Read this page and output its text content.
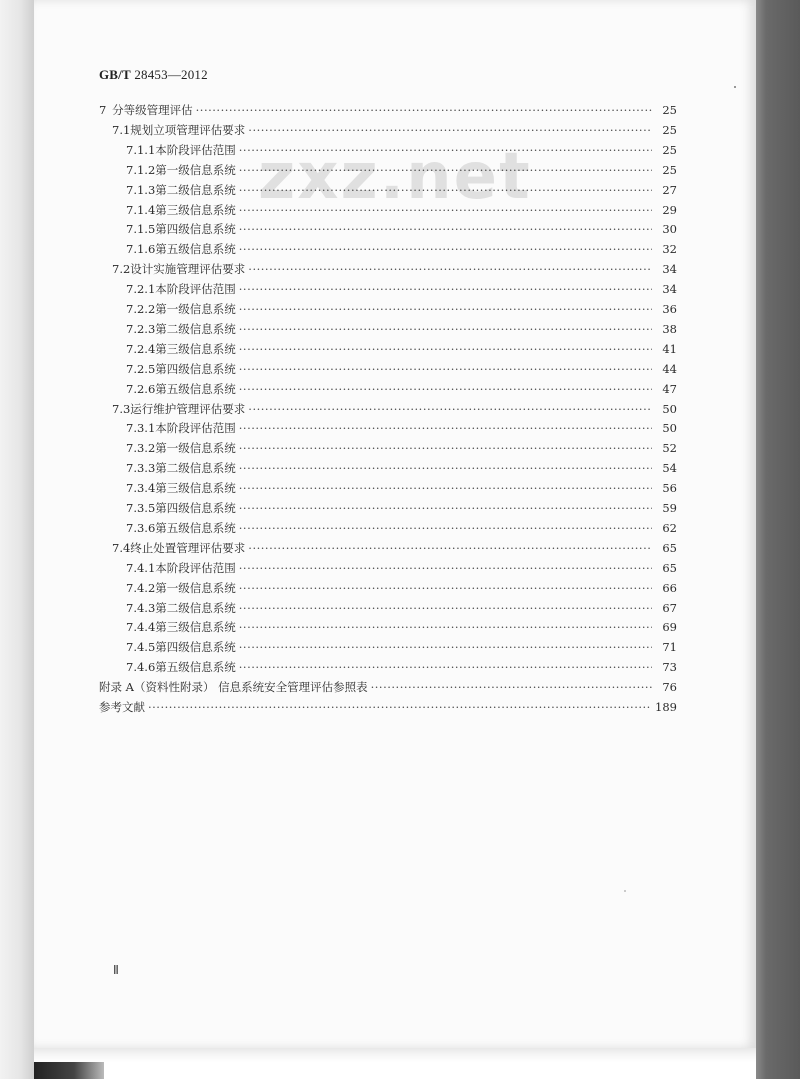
GB/T 28453—2012
zxz.net
7 分等级管理评估 ·····	25
7.1 规划立项管理评估要求 ·····	25
7.1.1 本阶段评估范围 ·····	25
7.1.2 第一级信息系统 ·····	25
7.1.3 第二级信息系统 ·····	27
7.1.4 第三级信息系统 ·····	29
7.1.5 第四级信息系统 ·····	30
7.1.6 第五级信息系统 ·····	32
7.2 设计实施管理评估要求 ·····	34
7.2.1 本阶段评估范围 ·····	34
7.2.2 第一级信息系统 ·····	36
7.2.3 第二级信息系统 ·····	38
7.2.4 第三级信息系统 ·····	41
7.2.5 第四级信息系统 ·····	44
7.2.6 第五级信息系统 ·····	47
7.3 运行维护管理评估要求 ·····	50
7.3.1 本阶段评估范围 ·····	50
7.3.2 第一级信息系统 ·····	52
7.3.3 第二级信息系统 ·····	54
7.3.4 第三级信息系统 ·····	56
7.3.5 第四级信息系统 ·····	59
7.3.6 第五级信息系统 ·····	62
7.4 终止处置管理评估要求 ·····	65
7.4.1 本阶段评估范围 ·····	65
7.4.2 第一级信息系统 ·····	66
7.4.3 第二级信息系统 ·····	67
7.4.4 第三级信息系统 ·····	69
7.4.5 第四级信息系统 ·····	71
7.4.6 第五级信息系统 ·····	73
附录 A（资料性附录） 信息系统安全管理评估参照表 ·····	76
参考文献 ·····	189
Ⅱ
